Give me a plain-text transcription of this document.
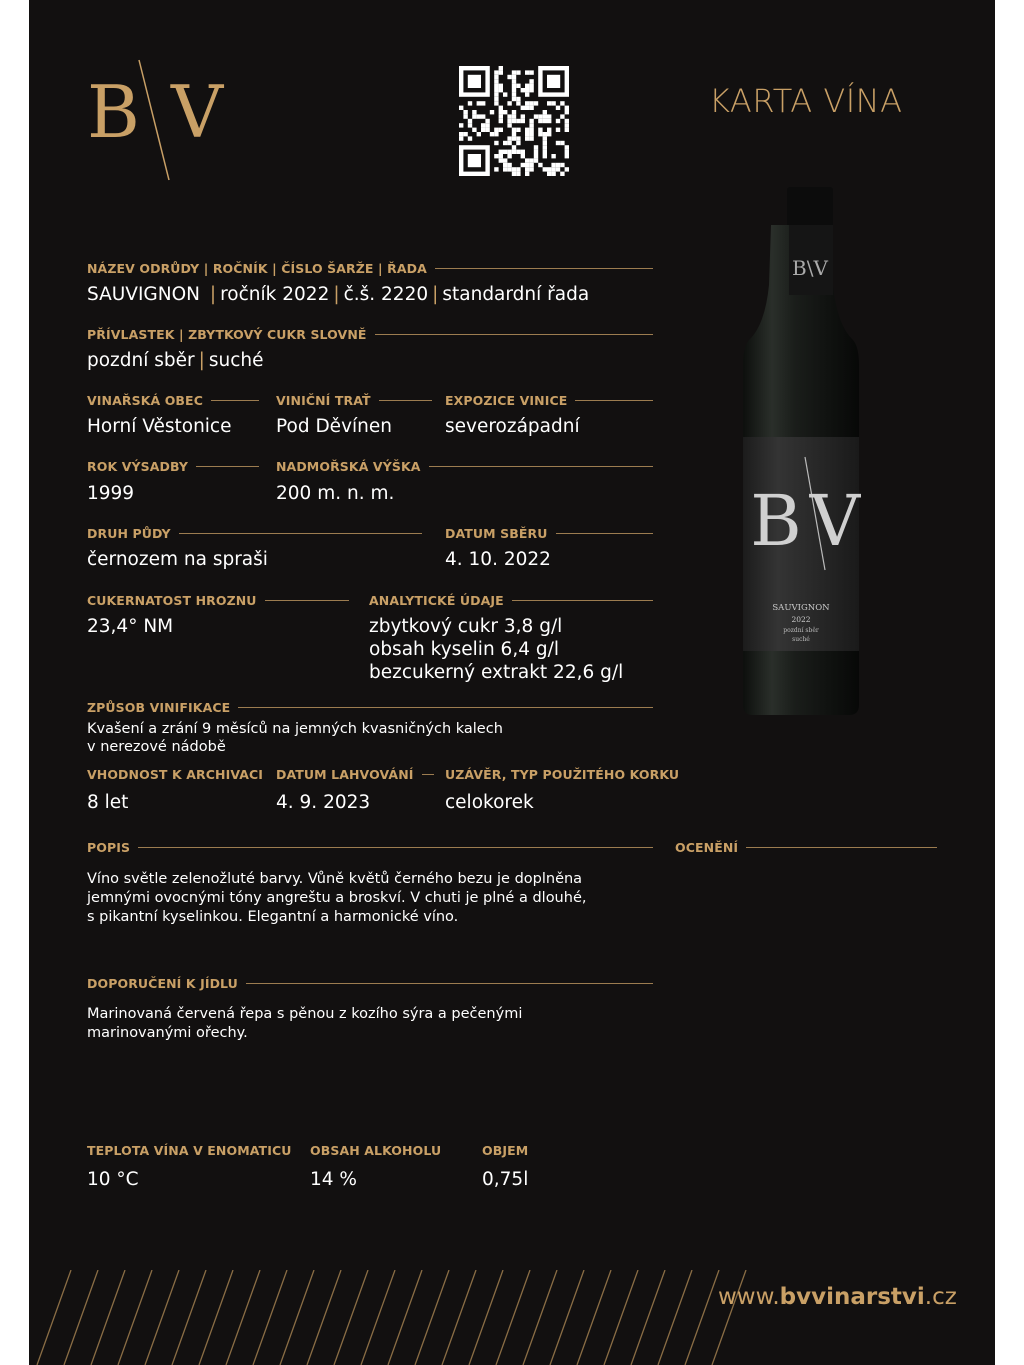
B V	KARTA VÍNA
B\V
B V
SAUVIGNON
2022
pozdní sběr
suché
NÁZEV ODRŮDY | ROČNÍK | ČÍSLO ŠARŽE | ŘADA
SAUVIGNON | ročník 2022 | č.š. 2220 | standardní řada
PŘÍVLASTEK | ZBYTKOVÝ CUKR SLOVNĚ
pozdní sběr | suché
VINAŘSKÁ OBEC
Horní Věstonice
VINIČNÍ TRAŤ
Pod Děvínen
EXPOZICE VINICE
severozápadní
ROK VÝSADBY
1999
NADMOŘSKÁ VÝŠKA
200 m. n. m.
DRUH PŮDY
černozem na spraši
DATUM SBĚRU
4. 10. 2022
CUKERNATOST HROZNU
23,4° NM
ANALYTICKÉ ÚDAJE
zbytkový cukr 3,8 g/l
obsah kyselin 6,4 g/l
bezcukerný extrakt 22,6 g/l
ZPŮSOB VINIFIKACE
Kvašení a zrání 9 měsíců na jemných kvasničných kalech
v nerezové nádobě
VHODNOST K ARCHIVACI
8 let
DATUM LAHVOVÁNÍ
4. 9. 2023
UZÁVĚR, TYP POUŽITÉHO KORKU
celokorek
POPIS	OCENĚNÍ
Víno světle zelenožluté barvy. Vůně květů černého bezu je doplněna
jemnými ovocnými tóny angreštu a broskví. V chuti je plné a dlouhé,
s pikantní kyselinkou. Elegantní a harmonické víno.
DOPORUČENÍ K JÍDLU
Marinovaná červená řepa s pěnou z kozího sýra a pečenými
marinovanými ořechy.
TEPLOTA VÍNA V ENOMATICU
10 °C
OBSAH ALKOHOLU
14 %
OBJEM
0,75l
www.bvvinarstvi.cz
